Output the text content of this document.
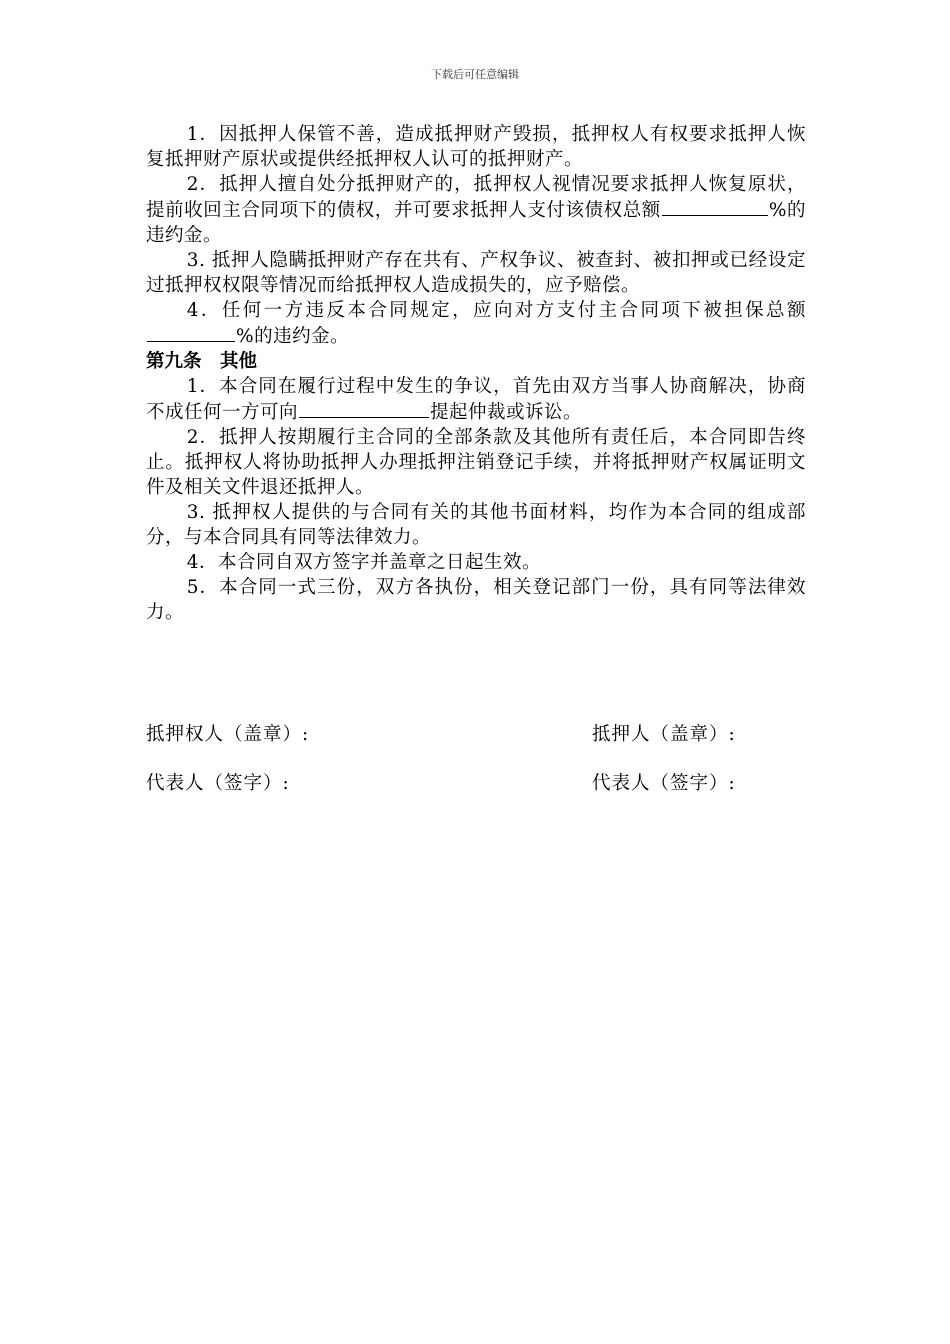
下载后可任意编辑

1．因抵押人保管不善，造成抵押财产毁损，抵押权人有权要求抵押人恢复抵押财产原状或提供经抵押权人认可的抵押财产。

2．抵押人擅自处分抵押财产的，抵押权人视情况要求抵押人恢复原状，提前收回主合同项下的债权，并可要求抵押人支付该债权总额	%的违约金。

3. 抵押人隐瞒抵押财产存在共有、产权争议、被查封、被扣押或已经设定过抵押权权限等情况而给抵押权人造成损失的，应予赔偿。

4．任何一方违反本合同规定，应向对方支付主合同项下被担保总额%的违约金。

第九条　其他

1．本合同在履行过程中发生的争议，首先由双方当事人协商解决，协商不成任何一方可向	提起仲裁或诉讼。

2．抵押人按期履行主合同的全部条款及其他所有责任后，本合同即告终止。抵押权人将协助抵押人办理抵押注销登记手续，并将抵押财产权属证明文件及相关文件退还抵押人。

3. 抵押权人提供的与合同有关的其他书面材料，均作为本合同的组成部分，与本合同具有同等法律效力。

4．本合同自双方签字并盖章之日起生效。

5．本合同一式三份，双方各执份，相关登记部门一份，具有同等法律效力。

抵押权人（盖章）:	抵押人（盖章）:
代表人（签字）:	代表人（签字）:
